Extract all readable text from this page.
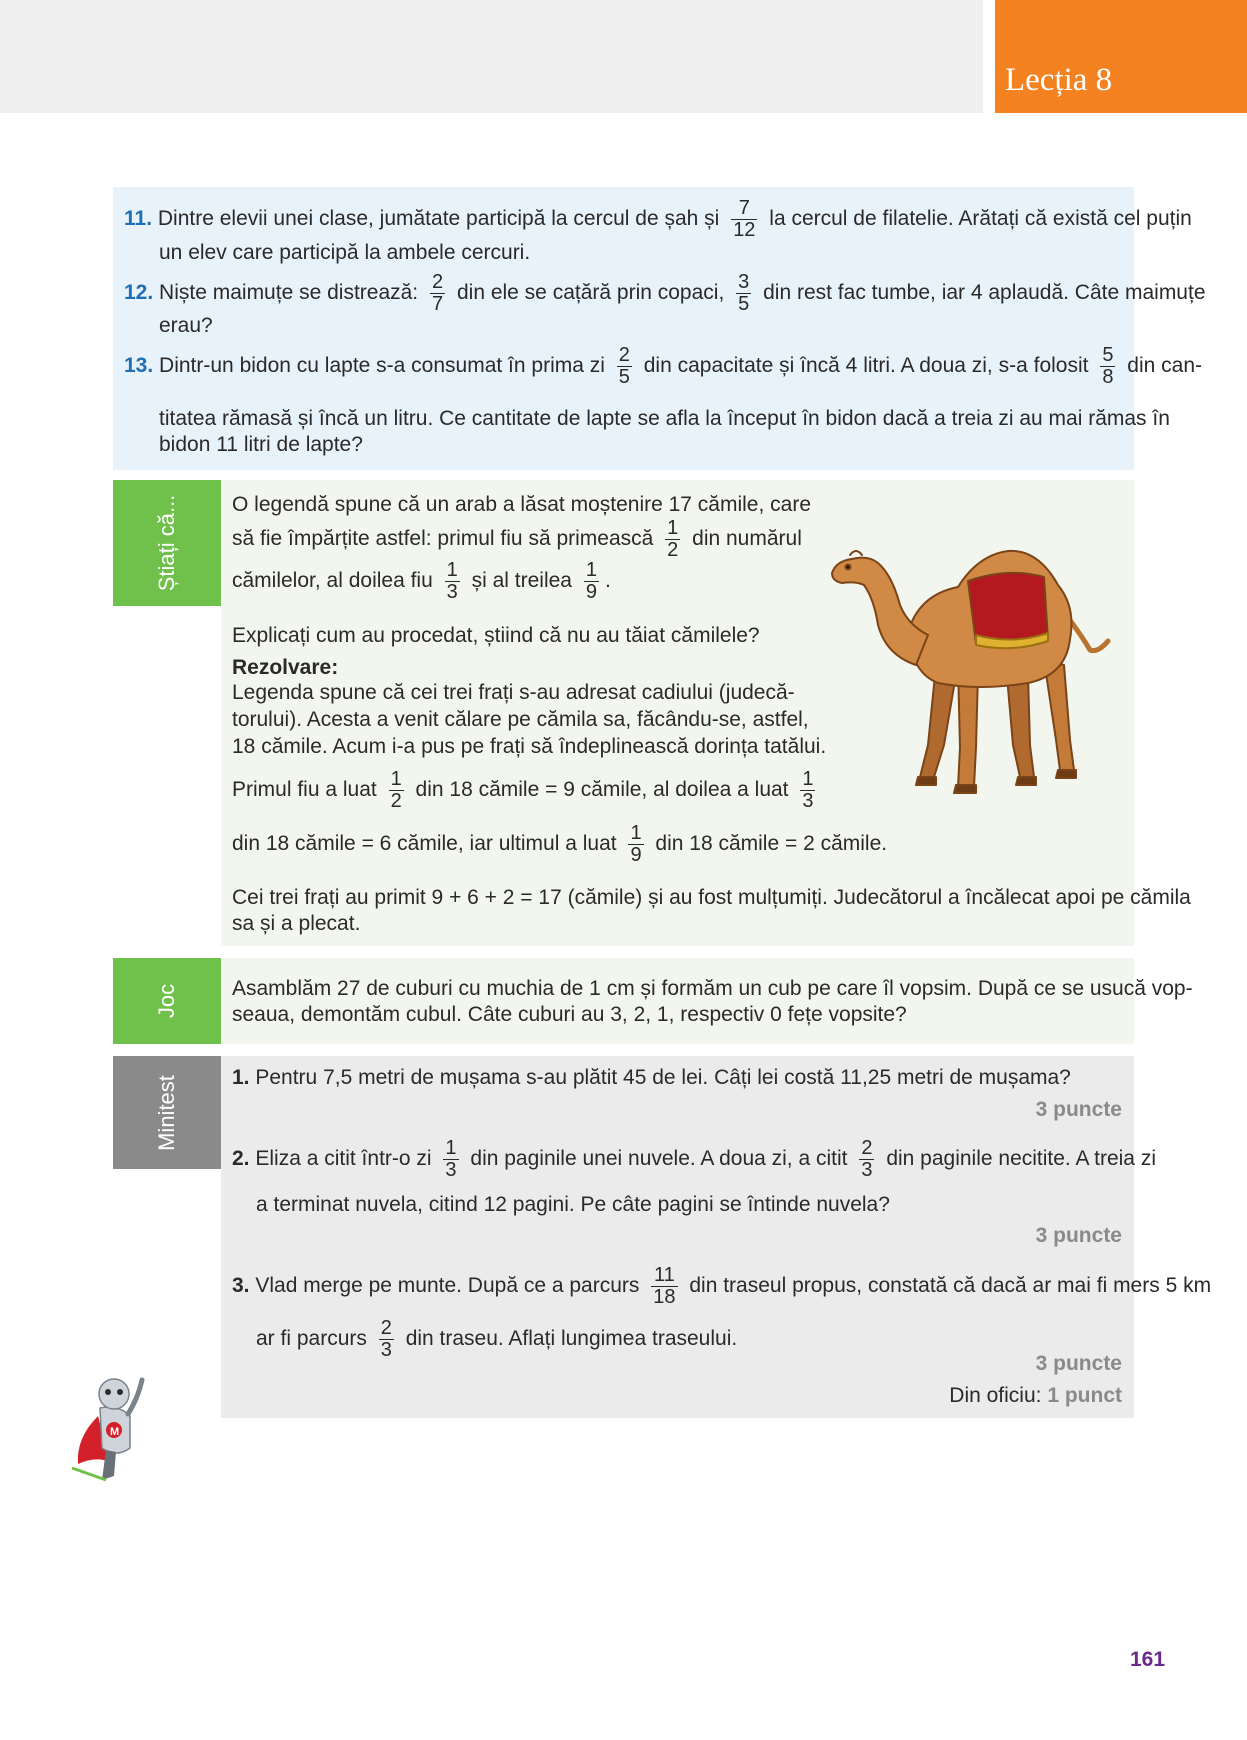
Lecția 8
11. Dintre elevii unei clase, jumătate participă la cercul de șah și $\frac{7}{12}$ la cercul de filatelie. Arătați că există cel puțin
un elev care participă la ambele cercuri.
12. Niște maimuțe se distrează: $\frac{2}{7}$ din ele se cațără prin copaci, $\frac{3}{5}$ din rest fac tumbe, iar 4 aplaudă. Câte maimuțe
erau?
13. Dintr-un bidon cu lapte s-a consumat în prima zi $\frac{2}{5}$ din capacitate și încă 4 litri. A doua zi, s-a folosit $\frac{5}{8}$ din can-
titatea rămasă și încă un litru. Ce cantitate de lapte se afla la început în bidon dacă a treia zi au mai rămas în
bidon 11 litri de lapte?
Știați că...	O legendă spune că un arab a lăsat moștenire 17 cămile, care
să fie împărțite astfel: primul fiu să primească $\frac{1}{2}$ din numărul
cămilelor, al doilea fiu $\frac{1}{3}$ și al treilea $\frac{1}{9}$ .
Explicați cum au procedat, știind că nu au tăiat cămilele?
Rezolvare:
Legenda spune că cei trei frați s-au adresat cadiului (judecă-
torului). Acesta a venit călare pe cămila sa, făcându-se, astfel,
18 cămile. Acum i-a pus pe frați să îndeplinească dorința tatălui.
Primul fiu a luat $\frac{1}{2}$ din 18 cămile = 9 cămile, al doilea a luat $\frac{1}{3}$
din 18 cămile = 6 cămile, iar ultimul a luat $\frac{1}{9}$ din 18 cămile = 2 cămile.
Cei trei frați au primit 9 + 6 + 2 = 17 (cămile) și au fost mulțumiți. Judecătorul a încălecat apoi pe cămila
sa și a plecat.
Joc	Asamblăm 27 de cuburi cu muchia de 1 cm și formăm un cub pe care îl vopsim. După ce se usucă vop-
seaua, demontăm cubul. Câte cuburi au 3, 2, 1, respectiv 0 fețe vopsite?
Minitest	1. Pentru 7,5 metri de mușama s-au plătit 45 de lei. Câți lei costă 11,25 metri de mușama?
3 puncte
2. Eliza a citit într-o zi $\frac{1}{3}$ din paginile unei nuvele. A doua zi, a citit $\frac{2}{3}$ din paginile necitite. A treia zi
a terminat nuvela, citind 12 pagini. Pe câte pagini se întinde nuvela?
3 puncte
3. Vlad merge pe munte. După ce a parcurs $\frac{11}{18}$ din traseul propus, constată că dacă ar mai fi mers 5 km
ar fi parcurs $\frac{2}{3}$ din traseu. Aflați lungimea traseului.
3 puncte
Din oficiu: 1 punct
M
161
